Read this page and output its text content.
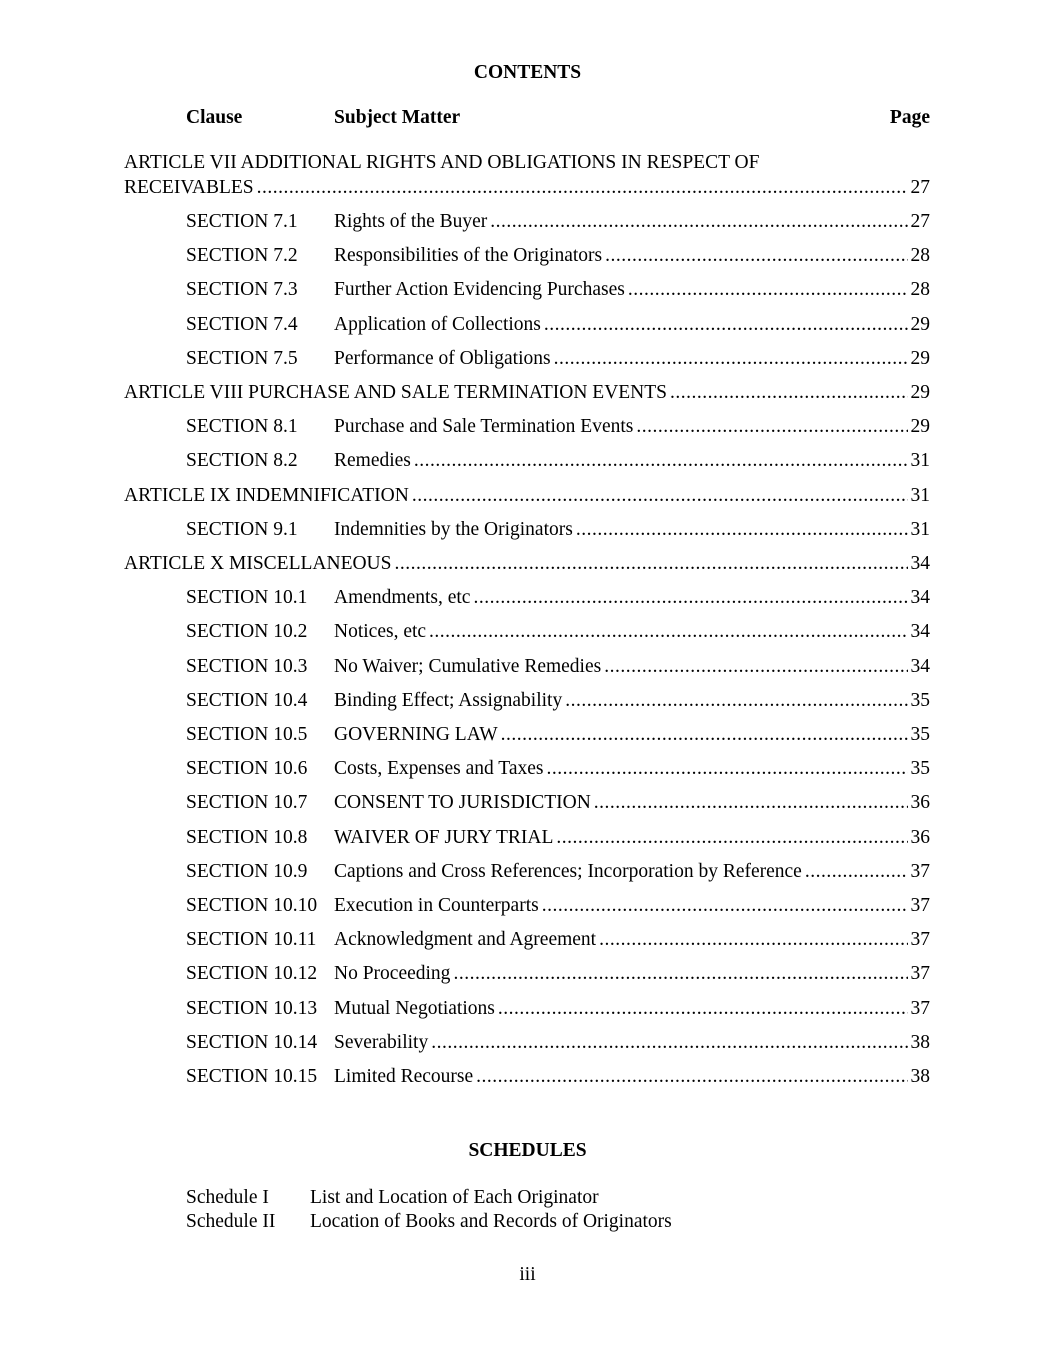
CONTENTS
Clause	Subject Matter	Page
ARTICLE VII ADDITIONAL RIGHTS AND OBLIGATIONS IN RESPECT OF
RECEIVABLES .....	27
SECTION 7.1 Rights of the Buyer .....	27
SECTION 7.2 Responsibilities of the Originators .....	28
SECTION 7.3 Further Action Evidencing Purchases .....	28
SECTION 7.4 Application of Collections .....	29
SECTION 7.5 Performance of Obligations .....	29
ARTICLE VIII PURCHASE AND SALE TERMINATION EVENTS .....	29
SECTION 8.1 Purchase and Sale Termination Events .....	29
SECTION 8.2 Remedies .....	31
ARTICLE IX INDEMNIFICATION .....	31
SECTION 9.1 Indemnities by the Originators .....	31
ARTICLE X MISCELLANEOUS .....	34
SECTION 10.1 Amendments, etc .....	34
SECTION 10.2 Notices, etc .....	34
SECTION 10.3 No Waiver; Cumulative Remedies .....	34
SECTION 10.4 Binding Effect; Assignability .....	35
SECTION 10.5 GOVERNING LAW .....	35
SECTION 10.6 Costs, Expenses and Taxes .....	35
SECTION 10.7 CONSENT TO JURISDICTION .....	36
SECTION 10.8 WAIVER OF JURY TRIAL .....	36
SECTION 10.9 Captions and Cross References; Incorporation by Reference .....	37
SECTION 10.10 Execution in Counterparts .....	37
SECTION 10.11 Acknowledgment and Agreement .....	37
SECTION 10.12 No Proceeding .....	37
SECTION 10.13 Mutual Negotiations .....	37
SECTION 10.14 Severability .....	38
SECTION 10.15 Limited Recourse .....	38
SCHEDULES
Schedule I List and Location of Each Originator
Schedule II Location of Books and Records of Originators
iii
